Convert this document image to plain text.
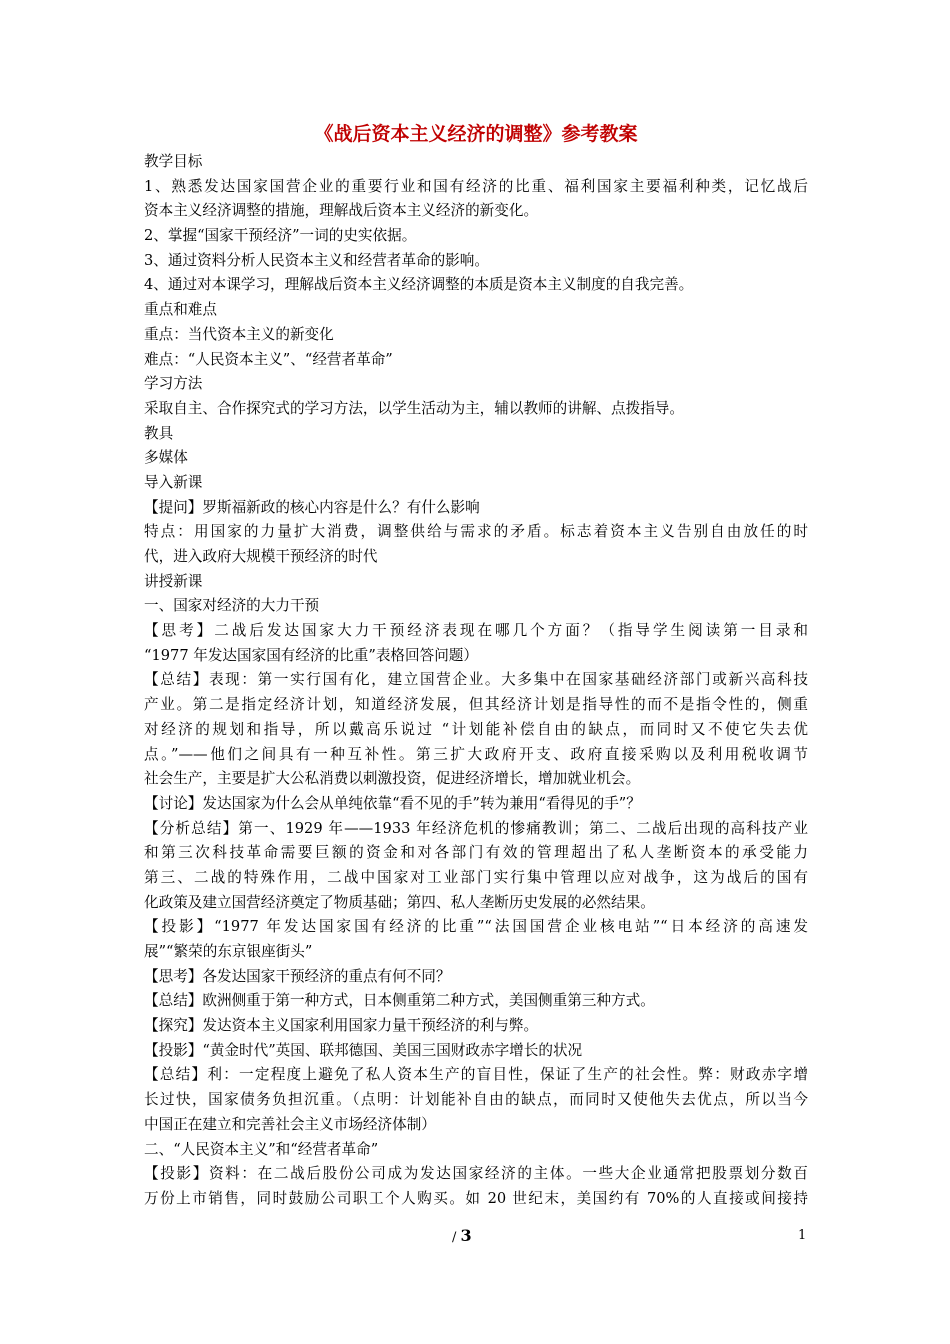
《战后资本主义经济的调整》参考教案
教学目标
1、熟悉发达国家国营企业的重要行业和国有经济的比重、福利国家主要福利种类，记忆战后
资本主义经济调整的措施，理解战后资本主义经济的新变化。
2、掌握“国家干预经济”一词的史实依据。
3、通过资料分析人民资本主义和经营者革命的影响。
4、通过对本课学习，理解战后资本主义经济调整的本质是资本主义制度的自我完善。
重点和难点
重点：当代资本主义的新变化
难点：“人民资本主义”、“经营者革命”
学习方法
采取自主、合作探究式的学习方法，以学生活动为主，辅以教师的讲解、点拨指导。
教具
多媒体
导入新课
【提问】罗斯福新政的核心内容是什么？有什么影响
特点：用国家的力量扩大消费，调整供给与需求的矛盾。标志着资本主义告别自由放任的时
代，进入政府大规模干预经济的时代
讲授新课
一、国家对经济的大力干预
【思考】二战后发达国家大力干预经济表现在哪几个方面？（指导学生阅读第一目录和
“1977 年发达国家国有经济的比重”表格回答问题）
【总结】表现：第一实行国有化，建立国营企业。大多集中在国家基础经济部门或新兴高科技
产业。第二是指定经济计划，知道经济发展，但其经济计划是指导性的而不是指令性的，侧重
对经济的规划和指导，所以戴高乐说过 “计划能补偿自由的缺点，而同时又不使它失去优
点。”——他们之间具有一种互补性。第三扩大政府开支、政府直接采购以及利用税收调节
社会生产，主要是扩大公私消费以刺激投资，促进经济增长，增加就业机会。
【讨论】发达国家为什么会从单纯依靠“看不见的手”转为兼用“看得见的手”？
【分析总结】第一、1929 年——1933 年经济危机的惨痛教训；第二、二战后出现的高科技产业
和第三次科技革命需要巨额的资金和对各部门有效的管理超出了私人垄断资本的承受能力
第三、二战的特殊作用，二战中国家对工业部门实行集中管理以应对战争，这为战后的国有
化政策及建立国营经济奠定了物质基础；第四、私人垄断历史发展的必然结果。
【投影】“1977 年发达国家国有经济的比重”“法国国营企业核电站”“日本经济的高速发
展”“繁荣的东京银座街头”
【思考】各发达国家干预经济的重点有何不同？
【总结】欧洲侧重于第一种方式，日本侧重第二种方式，美国侧重第三种方式。
【探究】发达资本主义国家利用国家力量干预经济的利与弊。
【投影】“黄金时代”英国、联邦德国、美国三国财政赤字增长的状况
【总结】利：一定程度上避免了私人资本生产的盲目性，保证了生产的社会性。弊：财政赤字增
长过快，国家债务负担沉重。（点明：计划能补自由的缺点，而同时又使他失去优点，所以当今
中国正在建立和完善社会主义市场经济体制）
二、“人民资本主义”和“经营者革命”
【投影】资料：在二战后股份公司成为发达国家经济的主体。一些大企业通常把股票划分数百
万份上市销售，同时鼓励公司职工个人购买。如 20 世纪末，美国约有 70%的人直接或间接持
/ 3	1
